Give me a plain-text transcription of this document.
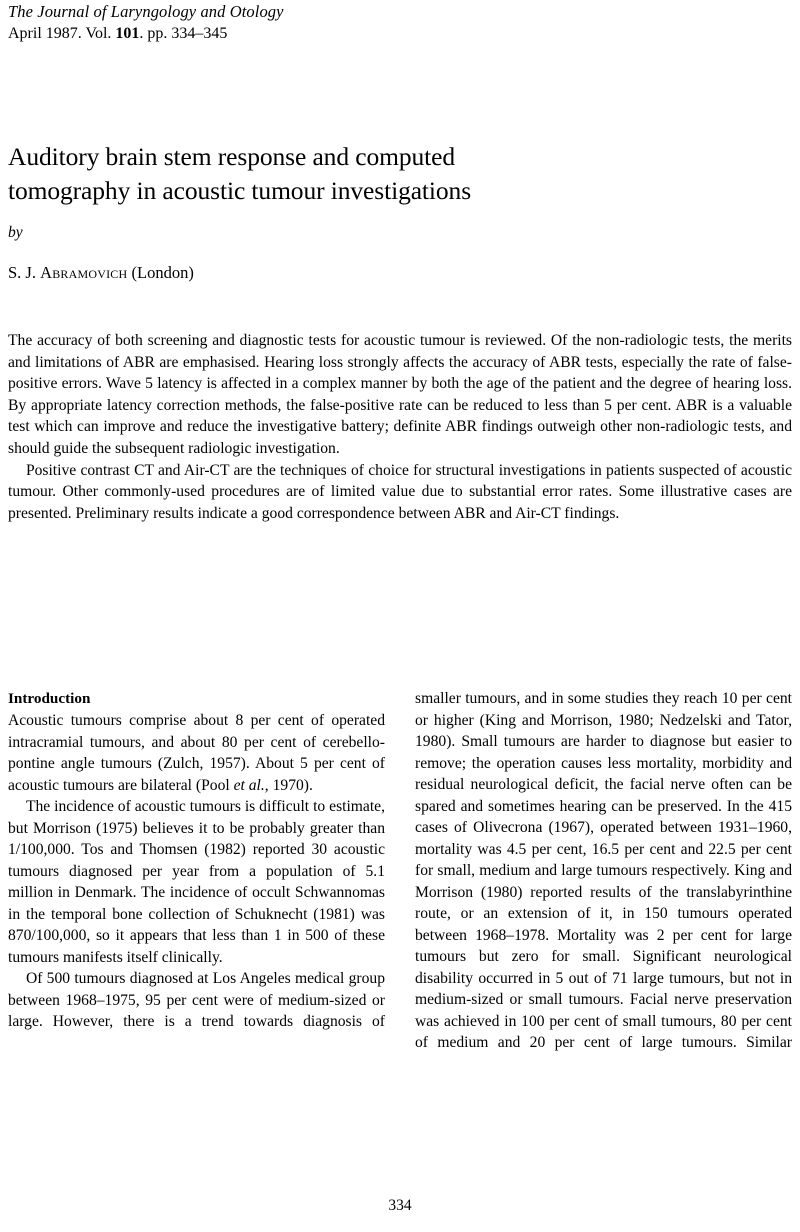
The Journal of Laryngology and Otology
April 1987. Vol. 101. pp. 334–345
Auditory brain stem response and computed
tomography in acoustic tumour investigations
by
S. J. Abramovich (London)

The accuracy of both screening and diagnostic tests for acoustic tumour is reviewed. Of the non-radiologic tests, the merits and limitations of ABR are emphasised. Hearing loss strongly affects the accuracy of ABR tests, especially the rate of false-positive errors. Wave 5 latency is affected in a complex manner by both the age of the patient and the degree of hearing loss. By appropriate latency correction methods, the false-positive rate can be reduced to less than 5 per cent. ABR is a valuable test which can improve and reduce the investigative battery; definite ABR findings outweigh other non-radiologic tests, and should guide the subsequent radiologic investigation.

Positive contrast CT and Air-CT are the techniques of choice for structural investigations in patients suspected of acoustic tumour. Other commonly-used procedures are of limited value due to substantial error rates. Some illustrative cases are presented. Preliminary results indicate a good correspondence between ABR and Air-CT findings.

Introduction

Acoustic tumours comprise about 8 per cent of operated intracramial tumours, and about 80 per cent of cerebello-pontine angle tumours (Zulch, 1957). About 5 per cent of acoustic tumours are bilateral (Pool et al., 1970).

The incidence of acoustic tumours is difficult to estimate, but Morrison (1975) believes it to be probably greater than 1/100,000. Tos and Thomsen (1982) reported 30 acoustic tumours diagnosed per year from a population of 5.1 million in Denmark. The incidence of occult Schwannomas in the temporal bone collection of Schuknecht (1981) was 870/100,000, so it appears that less than 1 in 500 of these tumours manifests itself clinically.

Of 500 tumours diagnosed at Los Angeles medical group between 1968–1975, 95 per cent were of medium-sized or large. However, there is a trend towards diagnosis of

smaller tumours, and in some studies they reach 10 per cent or higher (King and Morrison, 1980; Nedzelski and Tator, 1980). Small tumours are harder to diagnose but easier to remove; the operation causes less mortality, morbidity and residual neurological deficit, the facial nerve often can be spared and sometimes hearing can be preserved. In the 415 cases of Olivecrona (1967), operated between 1931–1960, mortality was 4.5 per cent, 16.5 per cent and 22.5 per cent for small, medium and large tumours respectively. King and Morrison (1980) reported results of the translabyrinthine route, or an extension of it, in 150 tumours operated between 1968–1978. Mortality was 2 per cent for large tumours but zero for small. Significant neurological disability occurred in 5 out of 71 large tumours, but not in medium-sized or small tumours. Facial nerve preservation was achieved in 100 per cent of small tumours, 80 per cent of medium and 20 per cent of large tumours. Similar

334
